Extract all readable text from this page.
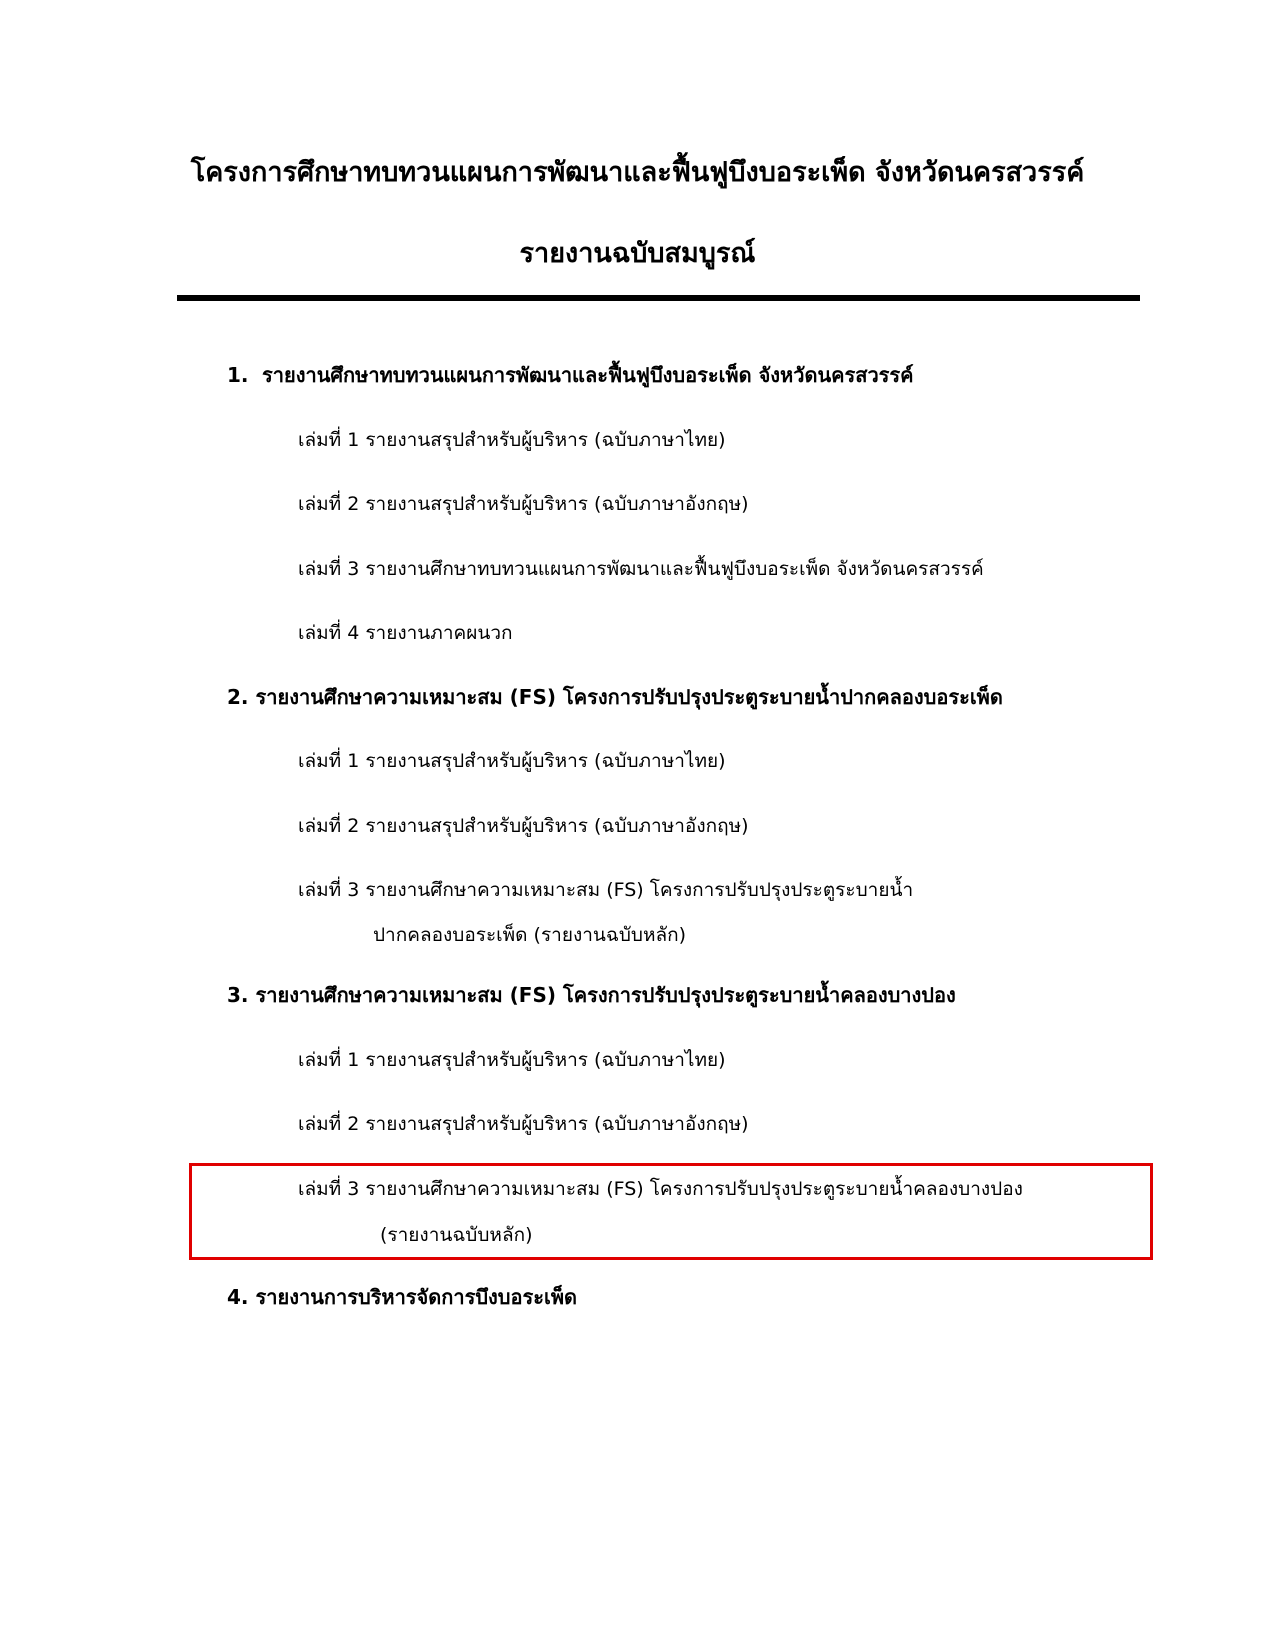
โครงการศึกษาทบทวนแผนการพัฒนาและฟื้นฟูบึงบอระเพ็ด จังหวัดนครสวรรค์
รายงานฉบับสมบูรณ์
1. รายงานศึกษาทบทวนแผนการพัฒนาและฟื้นฟูบึงบอระเพ็ด จังหวัดนครสวรรค์
เล่มที่ 1 รายงานสรุปสำหรับผู้บริหาร (ฉบับภาษาไทย)
เล่มที่ 2 รายงานสรุปสำหรับผู้บริหาร (ฉบับภาษาอังกฤษ)
เล่มที่ 3 รายงานศึกษาทบทวนแผนการพัฒนาและฟื้นฟูบึงบอระเพ็ด จังหวัดนครสวรรค์
เล่มที่ 4 รายงานภาคผนวก
2. รายงานศึกษาความเหมาะสม (FS) โครงการปรับปรุงประตูระบายน้ำปากคลองบอระเพ็ด
เล่มที่ 1 รายงานสรุปสำหรับผู้บริหาร (ฉบับภาษาไทย)
เล่มที่ 2 รายงานสรุปสำหรับผู้บริหาร (ฉบับภาษาอังกฤษ)
เล่มที่ 3 รายงานศึกษาความเหมาะสม (FS) โครงการปรับปรุงประตูระบายน้ำ
ปากคลองบอระเพ็ด (รายงานฉบับหลัก)
3. รายงานศึกษาความเหมาะสม (FS) โครงการปรับปรุงประตูระบายน้ำคลองบางปอง
เล่มที่ 1 รายงานสรุปสำหรับผู้บริหาร (ฉบับภาษาไทย)
เล่มที่ 2 รายงานสรุปสำหรับผู้บริหาร (ฉบับภาษาอังกฤษ)
เล่มที่ 3 รายงานศึกษาความเหมาะสม (FS) โครงการปรับปรุงประตูระบายน้ำคลองบางปอง
(รายงานฉบับหลัก)
4. รายงานการบริหารจัดการบึงบอระเพ็ด
